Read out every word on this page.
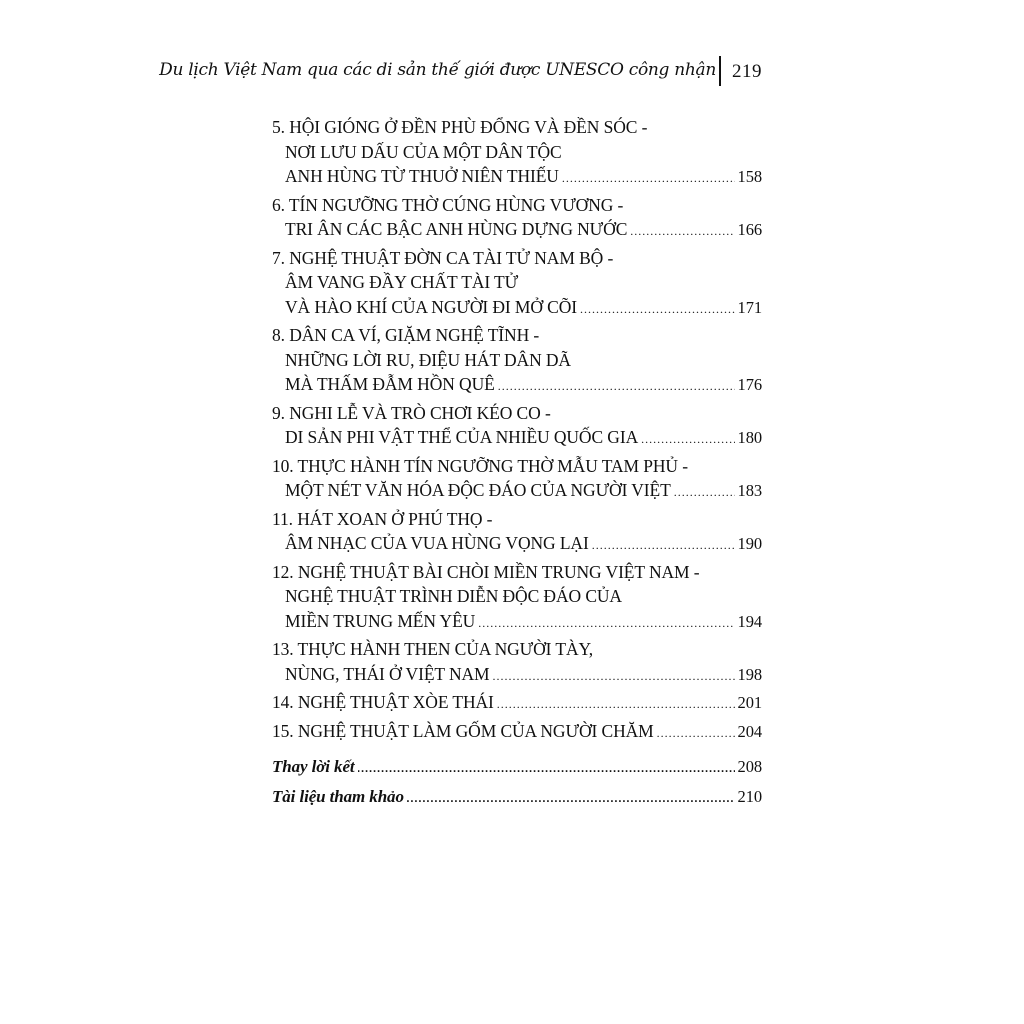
Du lịch Việt Nam qua các di sản thế giới được UNESCO công nhận 219
5. HỘI GIÓNG Ở ĐỀN PHÙ ĐỔNG VÀ ĐỀN SÓC -
NƠI LƯU DẤU CỦA MỘT DÂN TỘC
ANH HÙNG TỪ THUỞ NIÊN THIẾU .....	158
6. TÍN NGƯỠNG THỜ CÚNG HÙNG VƯƠNG -
TRI ÂN CÁC BẬC ANH HÙNG DỰNG NƯỚC .....	166
7. NGHỆ THUẬT ĐỜN CA TÀI TỬ NAM BỘ -
ÂM VANG ĐẦY CHẤT TÀI TỬ
VÀ HÀO KHÍ CỦA NGƯỜI ĐI MỞ CÕI .....	171
8. DÂN CA VÍ, GIẶM NGHỆ TĨNH -
NHỮNG LỜI RU, ĐIỆU HÁT DÂN DÃ
MÀ THẤM ĐẪM HỒN QUÊ .....	176
9. NGHI LỄ VÀ TRÒ CHƠI KÉO CO -
DI SẢN PHI VẬT THỂ CỦA NHIỀU QUỐC GIA .....	180
10. THỰC HÀNH TÍN NGƯỠNG THỜ MẪU TAM PHỦ -
MỘT NÉT VĂN HÓA ĐỘC ĐÁO CỦA NGƯỜI VIỆT .....	183
11. HÁT XOAN Ở PHÚ THỌ -
ÂM NHẠC CỦA VUA HÙNG VỌNG LẠI .....	190
12. NGHỆ THUẬT BÀI CHÒI MIỀN TRUNG VIỆT NAM -
NGHỆ THUẬT TRÌNH DIỄN ĐỘC ĐÁO CỦA
MIỀN TRUNG MẾN YÊU .....	194
13. THỰC HÀNH THEN CỦA NGƯỜI TÀY,
NÙNG, THÁI Ở VIỆT NAM .....	198
14. NGHỆ THUẬT XÒE THÁI .....	201
15. NGHỆ THUẬT LÀM GỐM CỦA NGƯỜI CHĂM .....	204
Thay lời kết .....	208
Tài liệu tham khảo .....	210
